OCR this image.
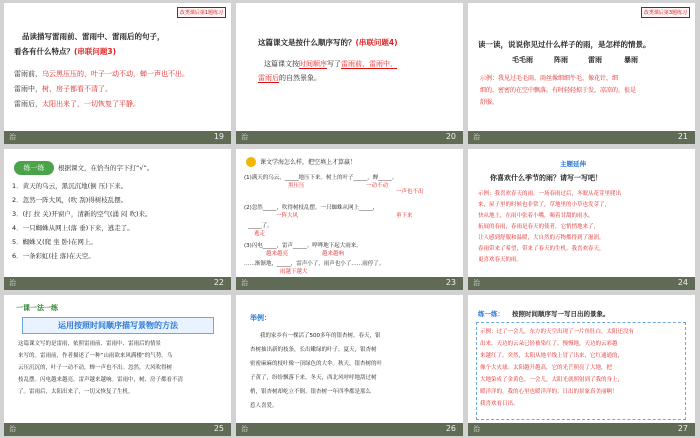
改类课后第1题练习
品读描写雷雨前、雷雨中、雷雨后的句子，
看各有什么特点？(串联问题3)
雷雨前，乌云黑压压的，叶子一动不动，蝉一声也不出。
雷雨中，树、房子都看不清了。
雷雨后，太阳出来了，一切恢复了平静。
治	19
这篇课文是按什么顺序写的？(串联问题4)
这篇课文按时间顺序写了雷雨前、雷雨中、
雷雨后的自然景象。
治	20
改类课后第3题练习
读一读，说说你见过什么样子的雨，是怎样的情景。
毛毛雨	阵雨	雷雨	暴雨
示例：我见过毛毛雨。雨丝像细细牛毛，像花针，细
细的，密密的在空中飘落。有时轻轻掠于发，凉凉的，很是
舒服。
治	21
练一练	根据课文，在恰当的字下打“√”。
1．黄天的乌云，黑沉沉地(倒 压)下来。
2．忽然一阵大风，(吹 刮)得树枝乱摆。
3．(打 拉 关)开窗户，清新的空气(涌 闷 吹)来。
4．一只蜘蛛从网上(落 垂)下来，逃走了。
5．蜘蛛又(爬 坐 卧)在网上。
6．一条彩虹(挂 落)在天空。
治	22
课文学海怎么样，把空填上才算赢！
(1)满天的乌云，_____地压下来。树上的叶子_____，蝉_____。
黑压压	一动不动
一声也不出
(2)忽然_____，吹得树枝乱摆。一只蜘蛛从网上_____，
一阵大风	垂下来
_____了。
逃走
(3)闪电_____，雷声_____。哗哗地下起大雨来。
越来越亮	越来越响
……渐渐地，_____，雷声小了，雨声也小了……雨停了。
雨越下越大
治	23
主题延伸
你喜欢什么季节的雨？请写一写吧！
示例：我喜欢春天的雨。一场春雨过后，冬眠从花芽里爬出
来，屋子里的时候也非常了，草地里的小草也发芽了，
快从地上，在雨中张着小嘴，喝着甘甜的雨水，
拓展的春雨，春雨是春天的使者，它悄悄地来了，
让人感到舒服和温暖，大自然的万物都得到了滋润，
春雨带来了希望，带来了春天的生机。我喜欢春天，
更喜欢春天的雨。
治	24
一课一法一练
运用按照时间顺序描写景物的方法
这篇课文写的是雷雨，依照雷雨前、雷雨中、雷雨后的情景
来写的。雷雨前，作者描述了一种“山雨欲来风满楼”的气势。乌
云压沉沉的，叶子一动不动，蝉一声也不出。忽然，大风吹得树
枝乱摆。闪电越来越亮，雷声越来越响。雷雨中，树、房子都看不清
了。雷雨后，太阳出来了，一切又恢复了生机。
治	25
举例：
我的家乡有一棵活了500多年的银杏树。春天，银
杏树抽出新的枝条，长出嫩绿的叶子。夏天，银杏树
密密麻麻的枝叶像一顶绿色的大伞。秋天，银杏树的叶
子黄了，纷纷飘落下来。冬天，西北风呼呼地刮过树
梢，银杏树却屹立不倒。银杏树一年四季都是那么
惹人喜爱。
治	26
练一练： 按照时间顺序写一写日出的景象。
示例：过了一会儿，东方的天空出现了一片鱼肚白，太阳还没有
出来，天边的云朵已经被染红了。慢慢地，天边的云彩越
来越红了。突然，太阳从地平线上冒了出来，它红通通的，
像个大火球。太阳越升越高，它的光芒照亮了大地，把
大地染成了金黄色。一会儿，太阳光就照射到了我的身上，
暖洋洋的，我的心里也暖洋洋的。日出的景象真美丽啊！
我喜欢看日出。
治	27
